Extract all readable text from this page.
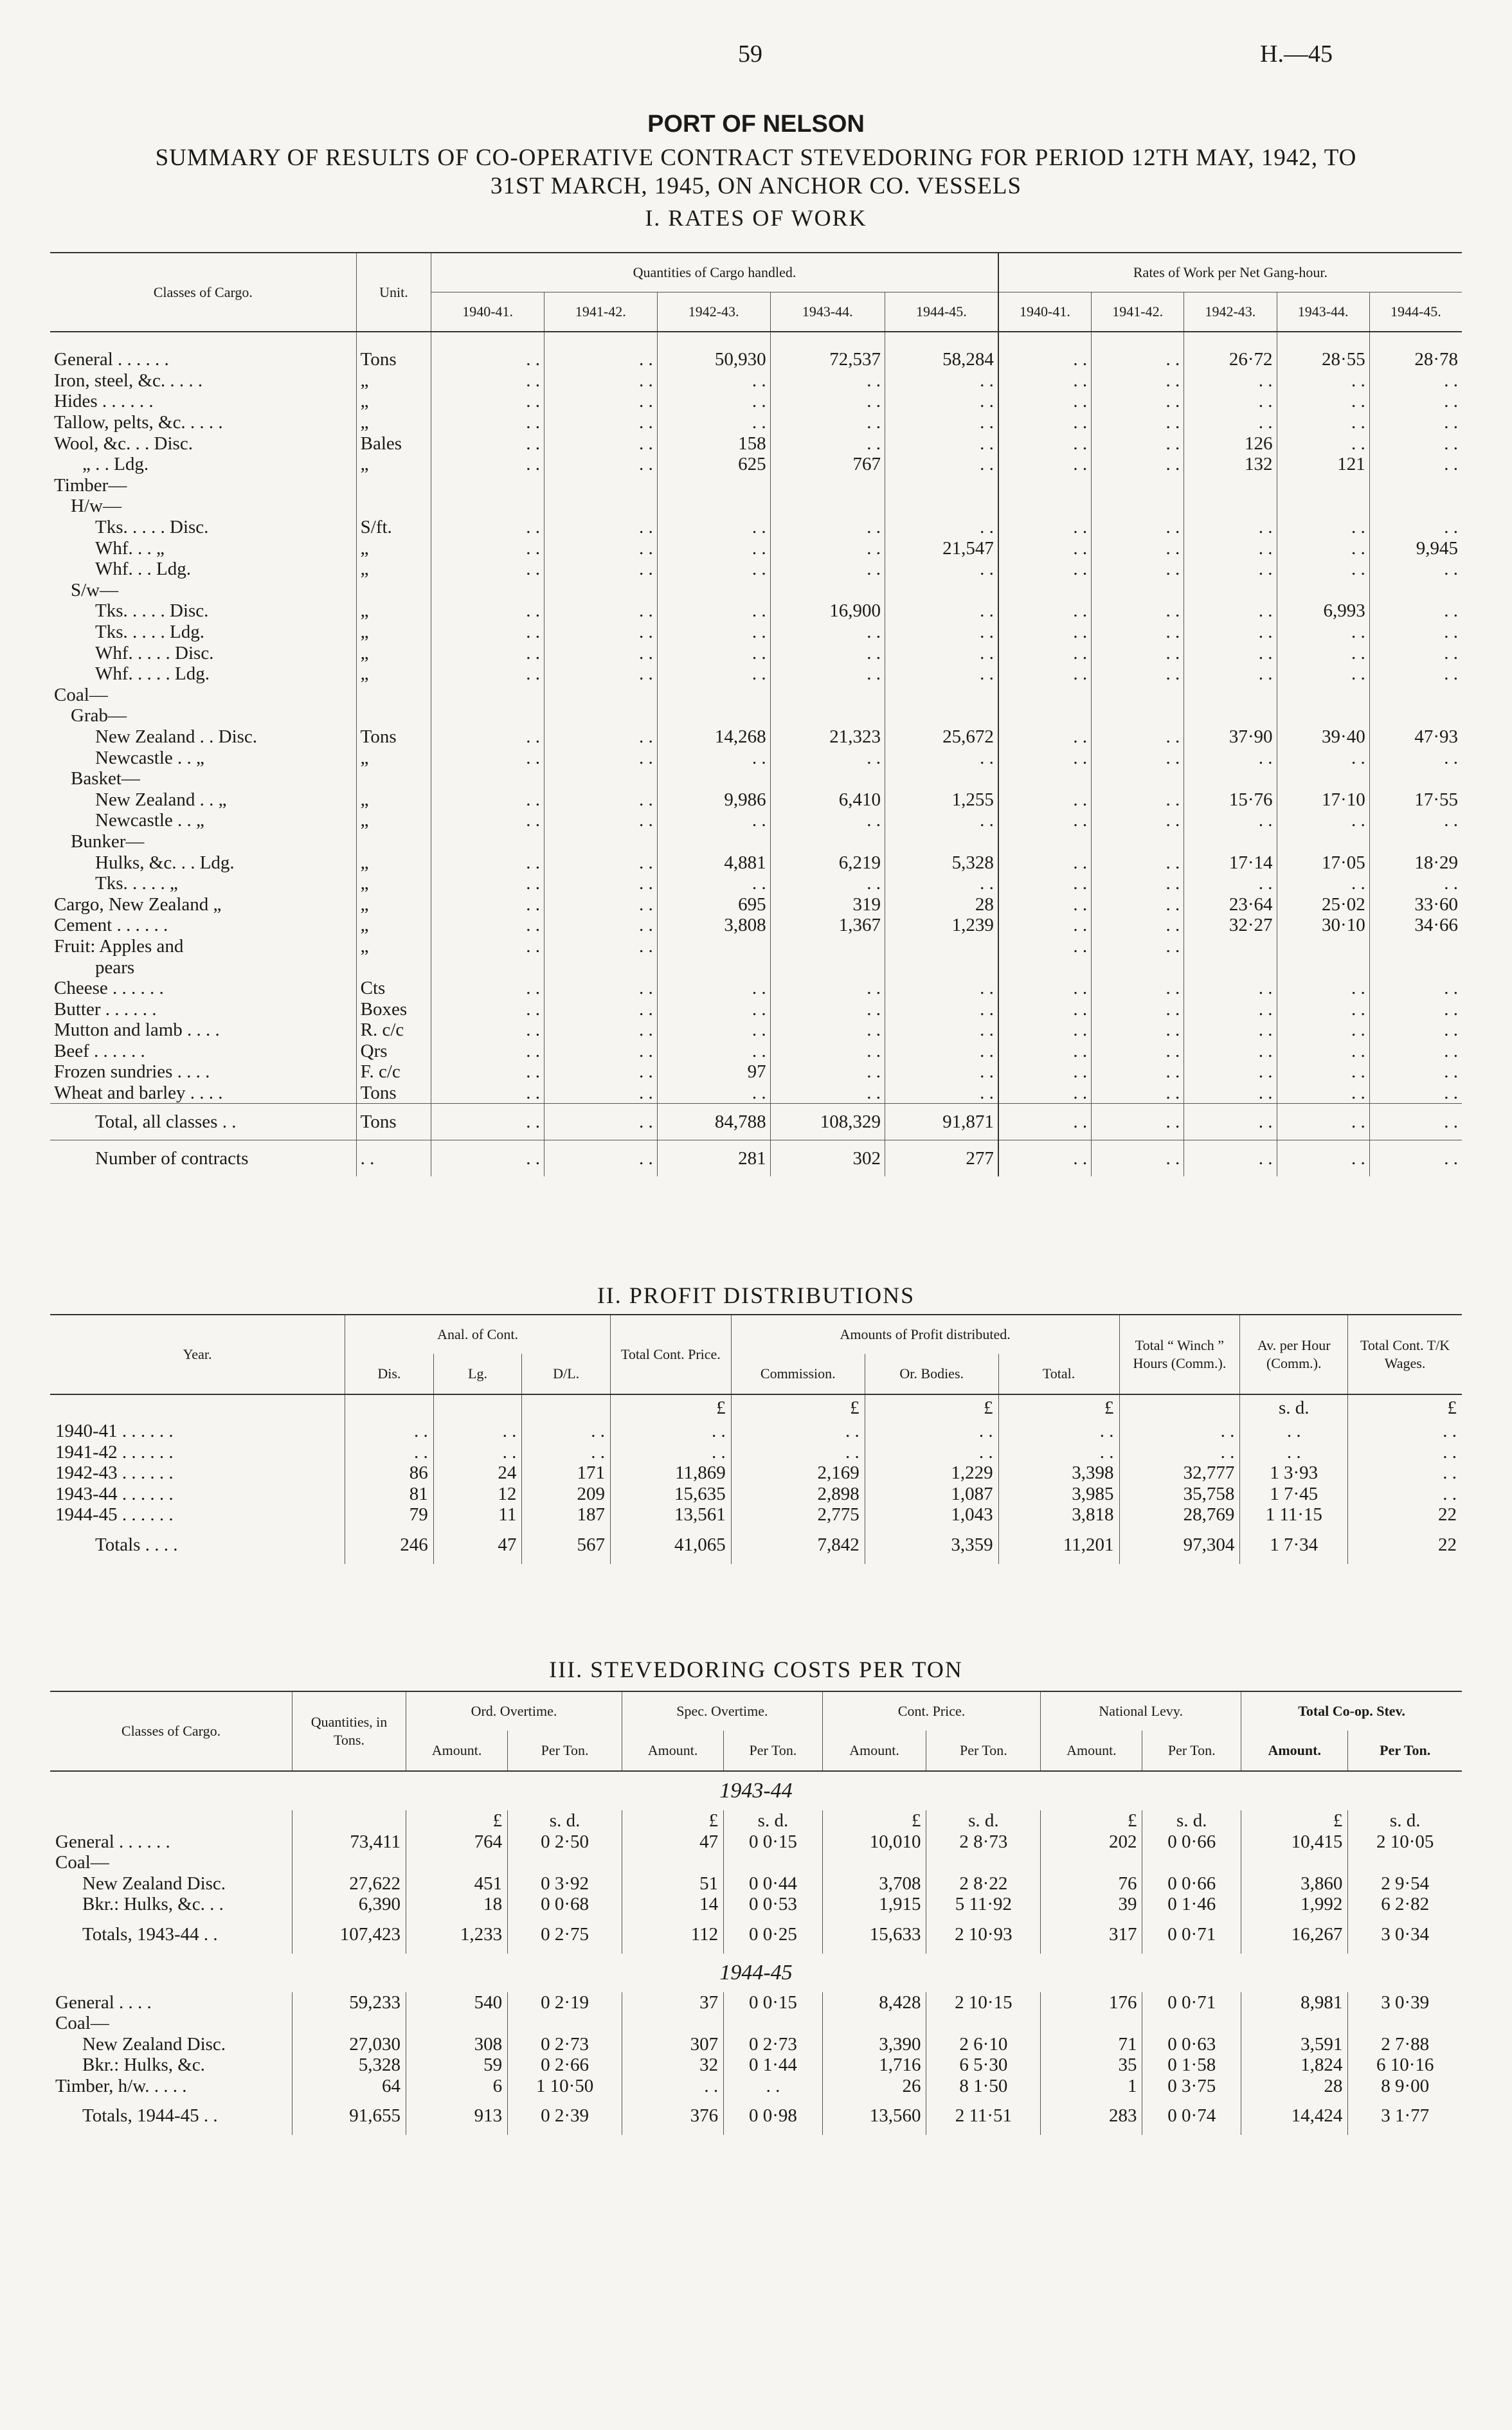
59	H.—45
PORT OF NELSON
SUMMARY OF RESULTS OF CO-OPERATIVE CONTRACT STEVEDORING FOR PERIOD 12TH MAY, 1942, TO
31ST MARCH, 1945, ON ANCHOR CO. VESSELS
I. RATES OF WORK
Classes of Cargo.	Unit.	Quantities of Cargo handled.					Rates of Work per Net Gang-hour.				
		1940-41.	1941-42.	1942-43.	1943-44.	1944-45.	1940-41.	1941-42.	1942-43.	1943-44.	1944-45.

General . . . . . .	Tons	. .	. .	50,930	72,537	58,284	. .	. .	26·72	28·55	28·78
Iron, steel, &c. . . . .	„	. .	. .	. .	. .	. .	. .	. .	. .	. .	. .
Hides . . . . . .	„	. .	. .	. .	. .	. .	. .	. .	. .	. .	. .
Tallow, pelts, &c. . . . .	„	. .	. .	. .	. .	. .	. .	. .	. .	. .	. .
Wool, &c. . . Disc.	Bales	. .	. .	158	. .	. .	. .	. .	126	. .	. .
„ . . Ldg.	„	. .	. .	625	767	. .	. .	. .	132	121	. .
Timber—											
H/w—											
Tks. . . . . Disc.	S/ft.	. .	. .	. .	. .	. .	. .	. .	. .	. .	. .
Whf. . . „	„	. .	. .	. .	. .	21,547	. .	. .	. .	. .	9,945
Whf. . . Ldg.	„	. .	. .	. .	. .	. .	. .	. .	. .	. .	. .
S/w—											
Tks. . . . . Disc.	„	. .	. .	. .	16,900	. .	. .	. .	. .	6,993	. .
Tks. . . . . Ldg.	„	. .	. .	. .	. .	. .	. .	. .	. .	. .	. .
Whf. . . . . Disc.	„	. .	. .	. .	. .	. .	. .	. .	. .	. .	. .
Whf. . . . . Ldg.	„	. .	. .	. .	. .	. .	. .	. .	. .	. .	. .
Coal—											
Grab—											
New Zealand . . Disc.	Tons	. .	. .	14,268	21,323	25,672	. .	. .	37·90	39·40	47·93
Newcastle . . „	„	. .	. .	. .	. .	. .	. .	. .	. .	. .	. .
Basket—											
New Zealand . . „	„	. .	. .	9,986	6,410	1,255	. .	. .	15·76	17·10	17·55
Newcastle . . „	„	. .	. .	. .	. .	. .	. .	. .	. .	. .	. .
Bunker—											
Hulks, &c. . . Ldg.	„	. .	. .	4,881	6,219	5,328	. .	. .	17·14	17·05	18·29
Tks. . . . . „	„	. .	. .	. .	. .	. .	. .	. .	. .	. .	. .
Cargo, New Zealand „	„	. .	. .	695	319	28	. .	. .	23·64	25·02	33·60
Cement . . . . . .	„	. .	. .	3,808	1,367	1,239	. .	. .	32·27	30·10	34·66
Fruit: Apples and	„	. .	. .				. .	. .			
pears											
Cheese . . . . . .	Cts	. .	. .	. .	. .	. .	. .	. .	. .	. .	. .
Butter . . . . . .	Boxes	. .	. .	. .	. .	. .	. .	. .	. .	. .	. .
Mutton and lamb . . . .	R. c/c	. .	. .	. .	. .	. .	. .	. .	. .	. .	. .
Beef . . . . . .	Qrs	. .	. .	. .	. .	. .	. .	. .	. .	. .	. .
Frozen sundries . . . .	F. c/c	. .	. .	97	. .	. .	. .	. .	. .	. .	. .
Wheat and barley . . . .	Tons	. .	. .	. .	. .	. .	. .	. .	. .	. .	. .
Total, all classes . .	Tons	. .	. .	84,788	108,329	91,871	. .	. .	. .	. .	. .
Number of contracts	. .	. .	. .	281	302	277	. .	. .	. .	. .	. .
II. PROFIT DISTRIBUTIONS
Year.	Anal. of Cont.			Total Cont. Price.	Amounts of Profit distributed.			Total “ Winch ” Hours (Comm.).	Av. per Hour (Comm.).	Total Cont. T/K Wages.
	Dis.	Lg.	D/L.		Commission.	Or. Bodies.	Total.			
				£	£	£	£		s. d.	£
1940-41 . . . . . .	. .	. .	. .	. .	. .	. .	. .	. .	. .	. .
1941-42 . . . . . .	. .	. .	. .	. .	. .	. .	. .	. .	. .	. .
1942-43 . . . . . .	86	24	171	11,869	2,169	1,229	3,398	32,777	1 3·93	. .
1943-44 . . . . . .	81	12	209	15,635	2,898	1,087	3,985	35,758	1 7·45	. .
1944-45 . . . . . .	79	11	187	13,561	2,775	1,043	3,818	28,769	1 11·15	22
Totals . . . .	246	47	567	41,065	7,842	3,359	11,201	97,304	1 7·34	22
III. STEVEDORING COSTS PER TON
Classes of Cargo.	Quantities, in Tons.	Ord. Overtime.		Spec. Overtime.		Cont. Price.		National Levy.		Total Co-op. Stev.	
		Amount.	Per Ton.	Amount.	Per Ton.	Amount.	Per Ton.	Amount.	Per Ton.	Amount.	Per Ton.
1943-44											
		£	s. d.	£	s. d.	£	s. d.	£	s. d.	£	s. d.
General . . . . . .	73,411	764	0 2·50	47	0 0·15	10,010	2 8·73	202	0 0·66	10,415	2 10·05
Coal—											
New Zealand Disc.	27,622	451	0 3·92	51	0 0·44	3,708	2 8·22	76	0 0·66	3,860	2 9·54
Bkr.: Hulks, &c. . .	6,390	18	0 0·68	14	0 0·53	1,915	5 11·92	39	0 1·46	1,992	6 2·82
Totals, 1943-44 . .	107,423	1,233	0 2·75	112	0 0·25	15,633	2 10·93	317	0 0·71	16,267	3 0·34
1944-45											
General . . . .	59,233	540	0 2·19	37	0 0·15	8,428	2 10·15	176	0 0·71	8,981	3 0·39
Coal—											
New Zealand Disc.	27,030	308	0 2·73	307	0 2·73	3,390	2 6·10	71	0 0·63	3,591	2 7·88
Bkr.: Hulks, &c.	5,328	59	0 2·66	32	0 1·44	1,716	6 5·30	35	0 1·58	1,824	6 10·16
Timber, h/w. . . . .	64	6	1 10·50	. .	. .	26	8 1·50	1	0 3·75	28	8 9·00
Totals, 1944-45 . .	91,655	913	0 2·39	376	0 0·98	13,560	2 11·51	283	0 0·74	14,424	3 1·77
